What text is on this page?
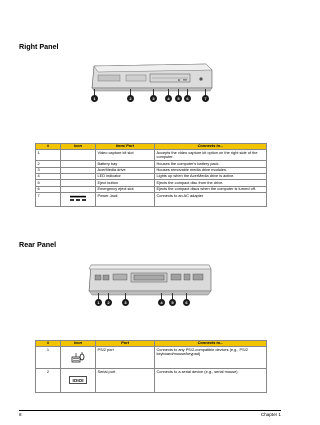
Right Panel
1	2	3	4	5	6	7
#	Icon	Item/ Port	Connects to...
1		Video capture kit slot	Accepts the video capture kit option on the right side of the computer.
2		Battery bay	Houses the computer's battery pack.
3		AcerMedia drive	Houses removable media drive modules.
4		LED indicator	Lights up when the AcerMedia drive is active.
5		Eject button	Ejects the compact disc from the drive.
6		Emergency eject slot	Ejects the compact discs when the computer is turned off.
7		Power Jack	Connects to an AC adapter
Rear Panel
1	2	3	4	5	6
#	Icon	Port	Connects to...
1		PS/2 port	Connects to any PS/2-compatible devices (e.g., PS/2 keyboard/mouse/keypad)
2	IOIOI	Serial port	Connects to a serial device (e.g., serial mouse)
8	Chapter 1
